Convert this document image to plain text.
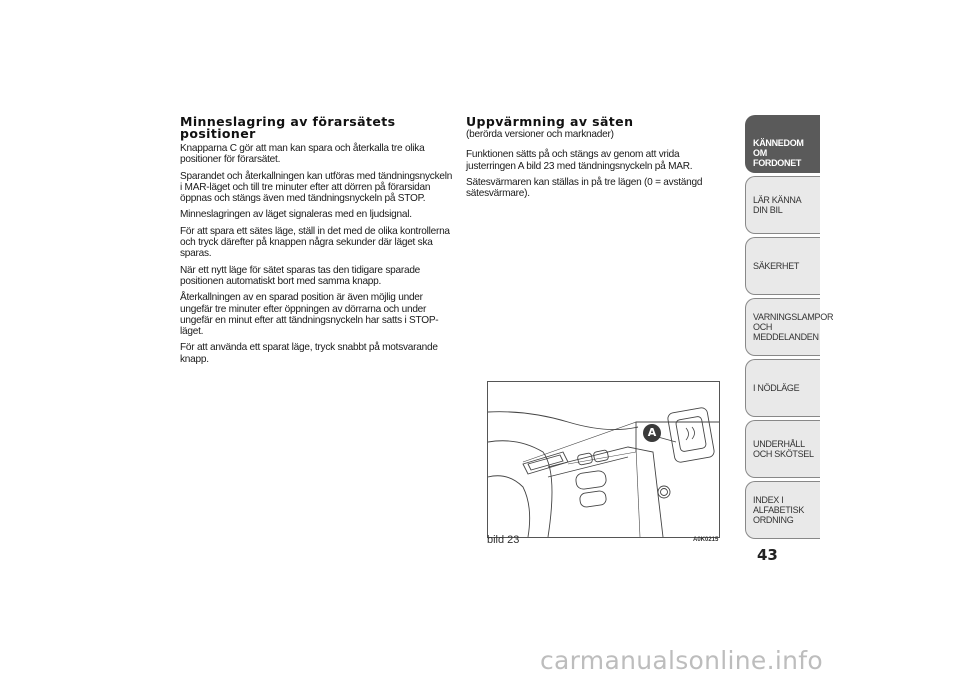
Minneslagring av förarsätets positioner

Knapparna C gör att man kan spara och återkalla tre olika positioner för förarsätet.

Sparandet och återkallningen kan utföras med tändningsnyckeln i MAR-läget och till tre minuter efter att dörren på förarsidan öppnas och stängs även med tändningsnyckeln på STOP.

Minneslagringen av läget signaleras med en ljudsignal.

För att spara ett sätes läge, ställ in det med de olika kontrollerna och tryck därefter på knappen några sekunder där läget ska sparas.

När ett nytt läge för sätet sparas tas den tidigare sparade positionen automatiskt bort med samma knapp.

Återkallningen av en sparad position är även möjlig under ungefär tre minuter efter öppningen av dörrarna och under ungefär en minut efter att tändningsnyckeln har satts i STOP-läget.

För att använda ett sparat läge, tryck snabbt på motsvarande knapp.

Uppvärmning av säten

(berörda versioner och marknader)

Funktionen sätts på och stängs av genom att vrida justerringen A bild 23 med tändningsnyckeln på MAR.

Sätesvärmaren kan ställas in på tre lägen (0 = avstängd sätesvärmare).

A
bild 23	A0K0215
KÄNNEDOM OM FORDONET
LÄR KÄNNA DIN BIL
SÄKERHET
VARNINGSLAMPOR OCH MEDDELANDEN
I NÖDLÄGE
UNDERHÅLL OCH SKÖTSEL
INDEX I ALFABETISK ORDNING
43
carmanualsonline.info
